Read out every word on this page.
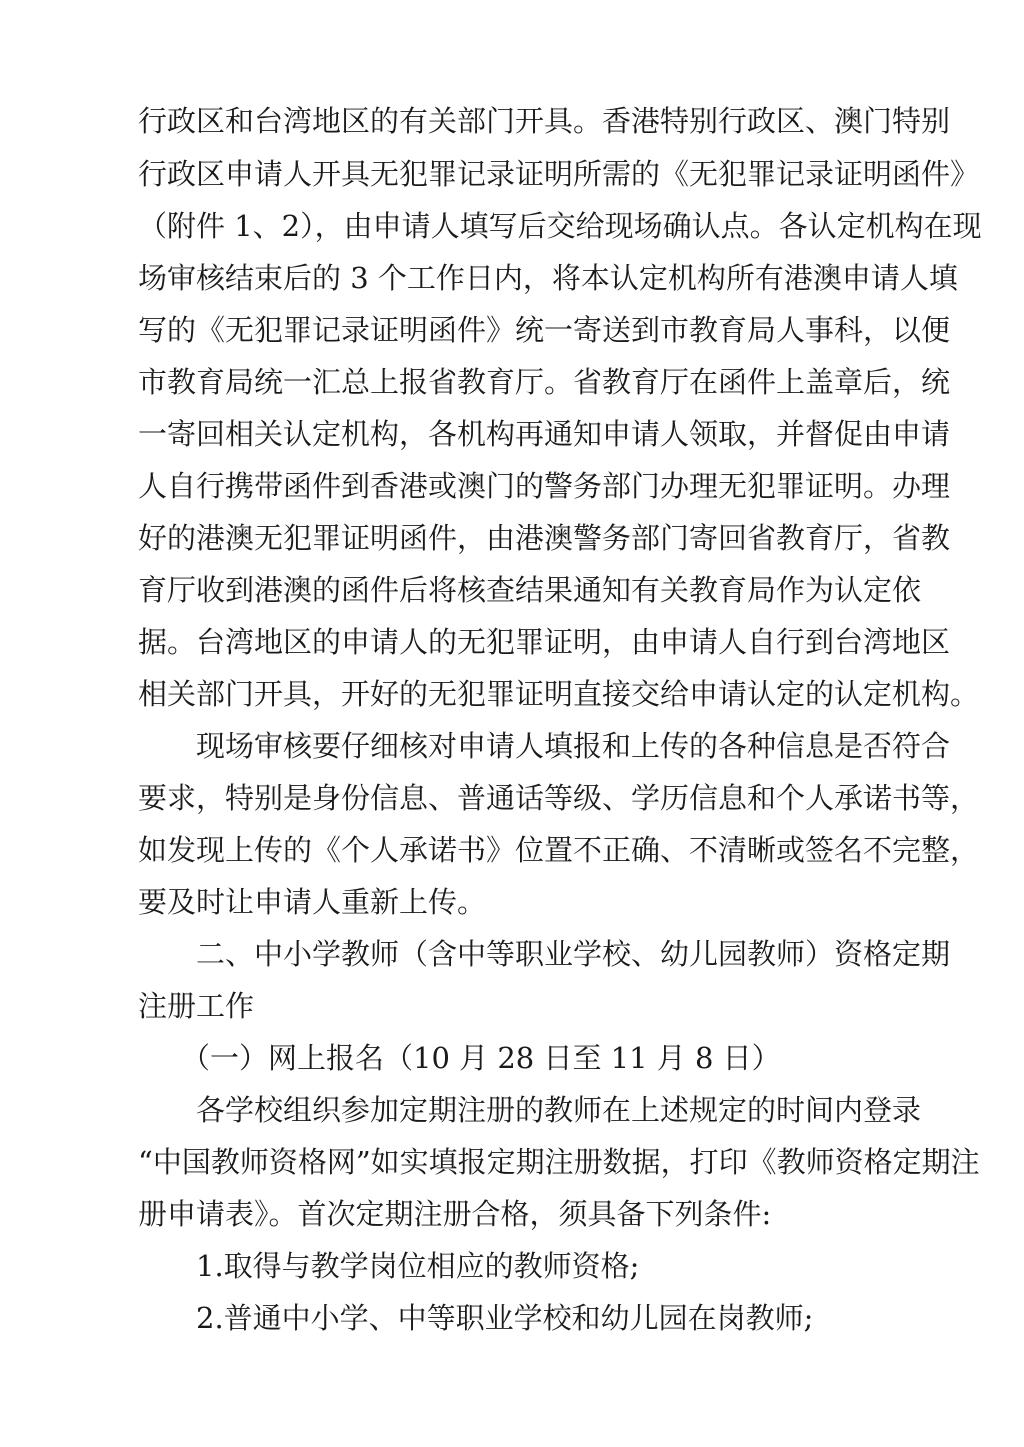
行政区和台湾地区的有关部门开具。香港特别行政区、澳门特别
行政区申请人开具无犯罪记录证明所需的《无犯罪记录证明函件》
（附件 1、2），由申请人填写后交给现场确认点。各认定机构在现
场审核结束后的 3 个工作日内，将本认定机构所有港澳申请人填
写的《无犯罪记录证明函件》统一寄送到市教育局人事科，以便
市教育局统一汇总上报省教育厅。省教育厅在函件上盖章后，统
一寄回相关认定机构，各机构再通知申请人领取，并督促由申请
人自行携带函件到香港或澳门的警务部门办理无犯罪证明。办理
好的港澳无犯罪证明函件，由港澳警务部门寄回省教育厅，省教
育厅收到港澳的函件后将核查结果通知有关教育局作为认定依
据。台湾地区的申请人的无犯罪证明，由申请人自行到台湾地区
相关部门开具，开好的无犯罪证明直接交给申请认定的认定机构。
现场审核要仔细核对申请人填报和上传的各种信息是否符合
要求，特别是身份信息、普通话等级、学历信息和个人承诺书等，
如发现上传的《个人承诺书》位置不正确、不清晰或签名不完整，
要及时让申请人重新上传。
二、中小学教师（含中等职业学校、幼儿园教师）资格定期
注册工作
（一）网上报名（10 月 28 日至 11 月 8 日）
各学校组织参加定期注册的教师在上述规定的时间内登录
“中国教师资格网”如实填报定期注册数据，打印《教师资格定期注
册申请表》。首次定期注册合格，须具备下列条件:
1.取得与教学岗位相应的教师资格;
2.普通中小学、中等职业学校和幼儿园在岗教师;
